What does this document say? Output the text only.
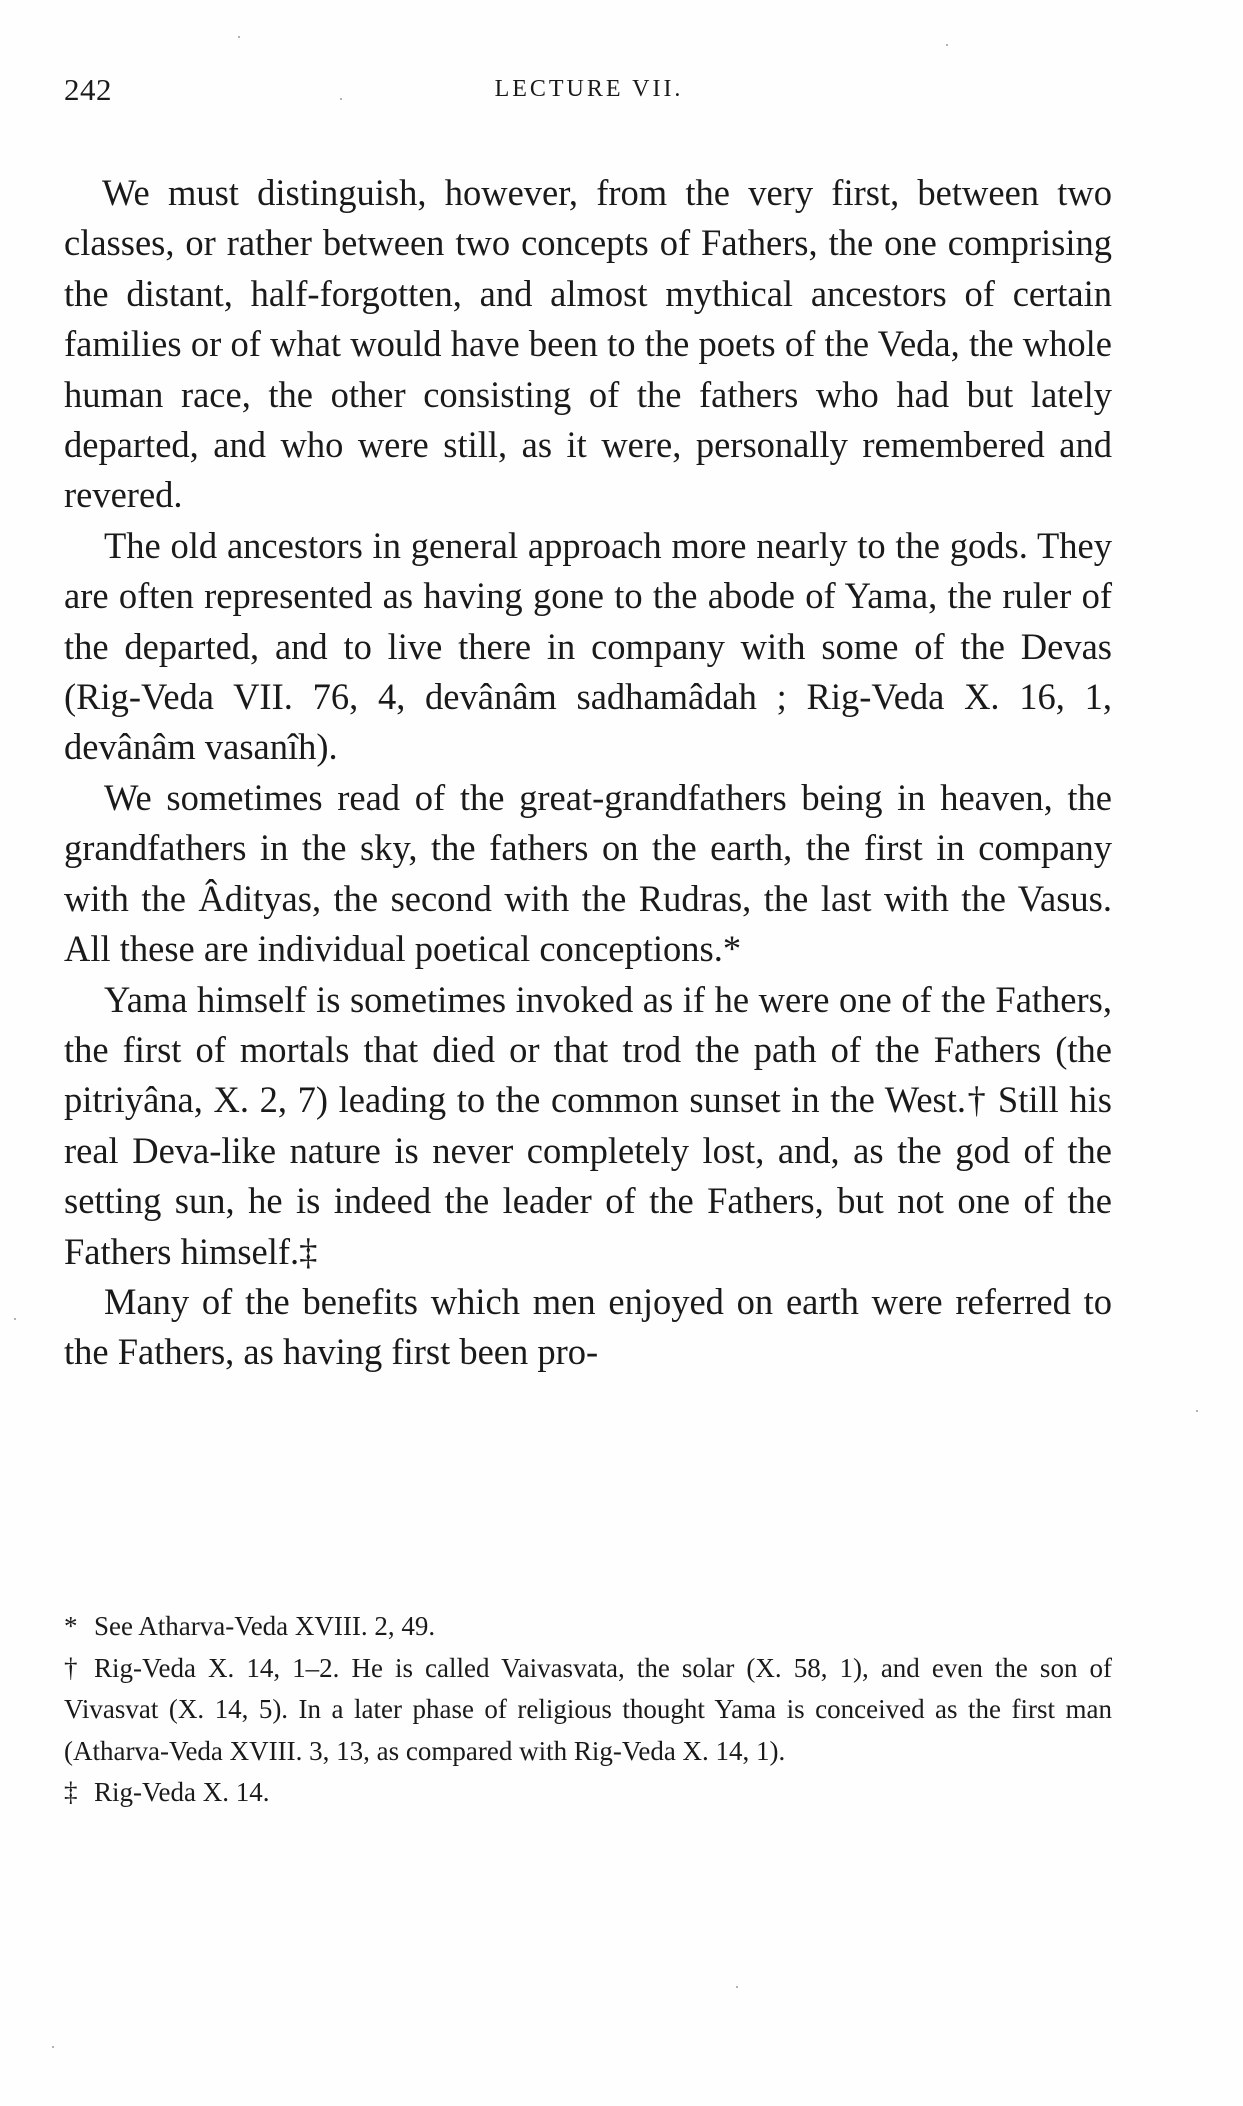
242	LECTURE VII.

We must distinguish, however, from the very first, between two classes, or rather between two concepts of Fathers, the one comprising the distant, half-forgotten, and almost mythical ancestors of certain families or of what would have been to the poets of the Veda, the whole human race, the other consisting of the fathers who had but lately departed, and who were still, as it were, personally remembered and revered.

The old ancestors in general approach more nearly to the gods. They are often represented as having gone to the abode of Yama, the ruler of the departed, and to live there in company with some of the Devas (Rig-Veda VII. 76, 4, devânâm sadhamâdah ; Rig-Veda X. 16, 1, devânâm vasanîh).

We sometimes read of the great-grandfathers being in heaven, the grandfathers in the sky, the fathers on the earth, the first in company with the Âdityas, the second with the Rudras, the last with the Vasus. All these are individual poetical conceptions.*

Yama himself is sometimes invoked as if he were one of the Fathers, the first of mortals that died or that trod the path of the Fathers (the pitriyâna, X. 2, 7) leading to the common sunset in the West.† Still his real Deva-like nature is never completely lost, and, as the god of the setting sun, he is indeed the leader of the Fathers, but not one of the Fathers himself.‡

Many of the benefits which men enjoyed on earth were referred to the Fathers, as having first been pro-

* See Atharva-Veda XVIII. 2, 49.

† Rig-Veda X. 14, 1–2. He is called Vaivasvata, the solar (X. 58, 1), and even the son of Vivasvat (X. 14, 5). In a later phase of religious thought Yama is conceived as the first man (Atharva-Veda XVIII. 3, 13, as compared with Rig-Veda X. 14, 1).

‡ Rig-Veda X. 14.
